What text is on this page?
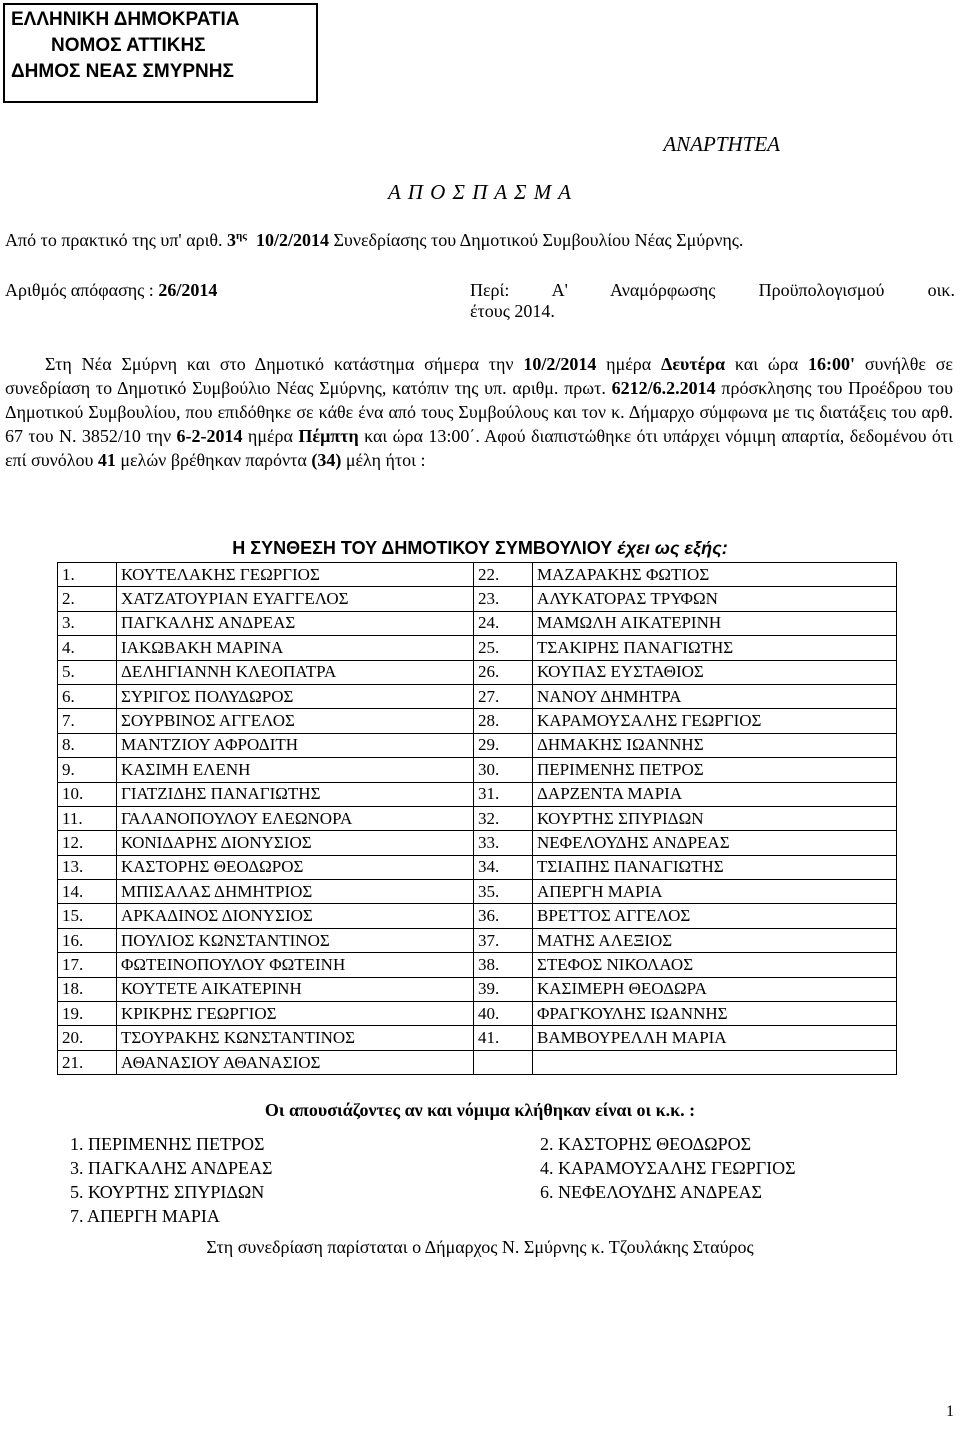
ΕΛΛΗΝΙΚΗ ΔΗΜΟΚΡΑΤΙΑ
ΝΟΜΟΣ ΑΤΤΙΚΗΣ
ΔΗΜΟΣ ΝΕΑΣ ΣΜΥΡΝΗΣ
ΑΝΑΡΤΗΤΕΑ
Α Π Ο Σ Π Α Σ Μ Α
Από το πρακτικό της υπ' αριθ. $3^{\eta\varsigma}$ 10/2/2014 Συνεδρίασης του Δημοτικού Συμβουλίου Νέας Σμύρνης.
Αριθμός απόφασης : 26/2014	Περί: Α' Αναμόρφωσης Προϋπολογισμού οικ.
έτους 2014.
Στη Νέα Σμύρνη και στο Δημοτικό κατάστημα σήμερα την 10/2/2014 ημέρα Δευτέρα και ώρα 16:00' συνήλθε σε συνεδρίαση το Δημοτικό Συμβούλιο Νέας Σμύρνης, κατόπιν της υπ. αριθμ. πρωτ. 6212/6.2.2014 πρόσκλησης του Προέδρου του Δημοτικού Συμβουλίου, που επιδόθηκε σε κάθε ένα από τους Συμβούλους και τον κ. Δήμαρχο σύμφωνα με τις διατάξεις του αρθ. 67 του Ν. 3852/10 την 6-2-2014 ημέρα Πέμπτη και ώρα 13:00΄. Αφού διαπιστώθηκε ότι υπάρχει νόμιμη απαρτία, δεδομένου ότι επί συνόλου 41 μελών βρέθηκαν παρόντα (34) μέλη ήτοι :
Η ΣΥΝΘΕΣΗ ΤΟΥ ΔΗΜΟΤΙΚΟΥ ΣΥΜΒΟΥΛΙΟΥ έχει ως εξής:
1.	ΚΟΥΤΕΛΑΚΗΣ ΓΕΩΡΓΙΟΣ	22.	ΜΑΖΑΡΑΚΗΣ ΦΩΤΙΟΣ
2.	ΧΑΤΖΑΤΟΥΡΙΑΝ ΕΥΑΓΓΕΛΟΣ	23.	ΑΛΥΚΑΤΟΡΑΣ ΤΡΥΦΩΝ
3.	ΠΑΓΚΑΛΗΣ ΑΝΔΡΕΑΣ	24.	ΜΑΜΩΛΗ ΑΙΚΑΤΕΡΙΝΗ
4.	ΙΑΚΩΒΑΚΗ ΜΑΡΙΝΑ	25.	ΤΣΑΚΙΡΗΣ ΠΑΝΑΓΙΩΤΗΣ
5.	ΔΕΛΗΓΙΑΝΝΗ ΚΛΕΟΠΑΤΡΑ	26.	ΚΟΥΠΑΣ ΕΥΣΤΑΘΙΟΣ
6.	ΣΥΡΙΓΟΣ ΠΟΛΥΔΩΡΟΣ	27.	ΝΑΝΟΥ ΔΗΜΗΤΡΑ
7.	ΣΟΥΡΒΙΝΟΣ ΑΓΓΕΛΟΣ	28.	ΚΑΡΑΜΟΥΣΑΛΗΣ ΓΕΩΡΓΙΟΣ
8.	ΜΑΝΤΖΙΟΥ ΑΦΡΟΔΙΤΗ	29.	ΔΗΜΑΚΗΣ ΙΩΑΝΝΗΣ
9.	ΚΑΣΙΜΗ ΕΛΕΝΗ	30.	ΠΕΡΙΜΕΝΗΣ ΠΕΤΡΟΣ
10.	ΓΙΑΤΖΙΔΗΣ ΠΑΝΑΓΙΩΤΗΣ	31.	ΔΑΡΖΕΝΤΑ ΜΑΡΙΑ
11.	ΓΑΛΑΝΟΠΟΥΛΟΥ ΕΛΕΩΝΟΡΑ	32.	ΚΟΥΡΤΗΣ ΣΠΥΡΙΔΩΝ
12.	ΚΟΝΙΔΑΡΗΣ ΔΙΟΝΥΣΙΟΣ	33.	ΝΕΦΕΛΟΥΔΗΣ ΑΝΔΡΕΑΣ
13.	ΚΑΣΤΟΡΗΣ ΘΕΟΔΩΡΟΣ	34.	ΤΣΙΑΠΗΣ ΠΑΝΑΓΙΩΤΗΣ
14.	ΜΠΙΣΑΛΑΣ ΔΗΜΗΤΡΙΟΣ	35.	ΑΠΕΡΓΗ ΜΑΡΙΑ
15.	ΑΡΚΑΔΙΝΟΣ ΔΙΟΝΥΣΙΟΣ	36.	ΒΡΕΤΤΟΣ ΑΓΓΕΛΟΣ
16.	ΠΟΥΛΙΟΣ ΚΩΝΣΤΑΝΤΙΝΟΣ	37.	ΜΑΤΗΣ ΑΛΕΞΙΟΣ
17.	ΦΩΤΕΙΝΟΠΟΥΛΟΥ ΦΩΤΕΙΝΗ	38.	ΣΤΕΦΟΣ ΝΙΚΟΛΑΟΣ
18.	ΚΟΥΤΕΤΕ ΑΙΚΑΤΕΡΙΝΗ	39.	ΚΑΣΙΜΕΡΗ ΘΕΟΔΩΡΑ
19.	ΚΡΙΚΡΗΣ ΓΕΩΡΓΙΟΣ	40.	ΦΡΑΓΚΟΥΛΗΣ ΙΩΑΝΝΗΣ
20.	ΤΣΟΥΡΑΚΗΣ ΚΩΝΣΤΑΝΤΙΝΟΣ	41.	ΒΑΜΒΟΥΡΕΛΛΗ ΜΑΡΙΑ
21.	ΑΘΑΝΑΣΙΟΥ ΑΘΑΝΑΣΙΟΣ		
Οι απουσιάζοντες αν και νόμιμα κλήθηκαν είναι οι κ.κ. :
1. ΠΕΡΙΜΕΝΗΣ ΠΕΤΡΟΣ
3. ΠΑΓΚΑΛΗΣ ΑΝΔΡΕΑΣ
5. ΚΟΥΡΤΗΣ ΣΠΥΡΙΔΩΝ
7. ΑΠΕΡΓΗ ΜΑΡΙΑ
2. ΚΑΣΤΟΡΗΣ ΘΕΟΔΩΡΟΣ
4. ΚΑΡΑΜΟΥΣΑΛΗΣ ΓΕΩΡΓΙΟΣ
6. ΝΕΦΕΛΟΥΔΗΣ ΑΝΔΡΕΑΣ
Στη συνεδρίαση παρίσταται ο Δήμαρχος Ν. Σμύρνης κ. Τζουλάκης Σταύρος
1
